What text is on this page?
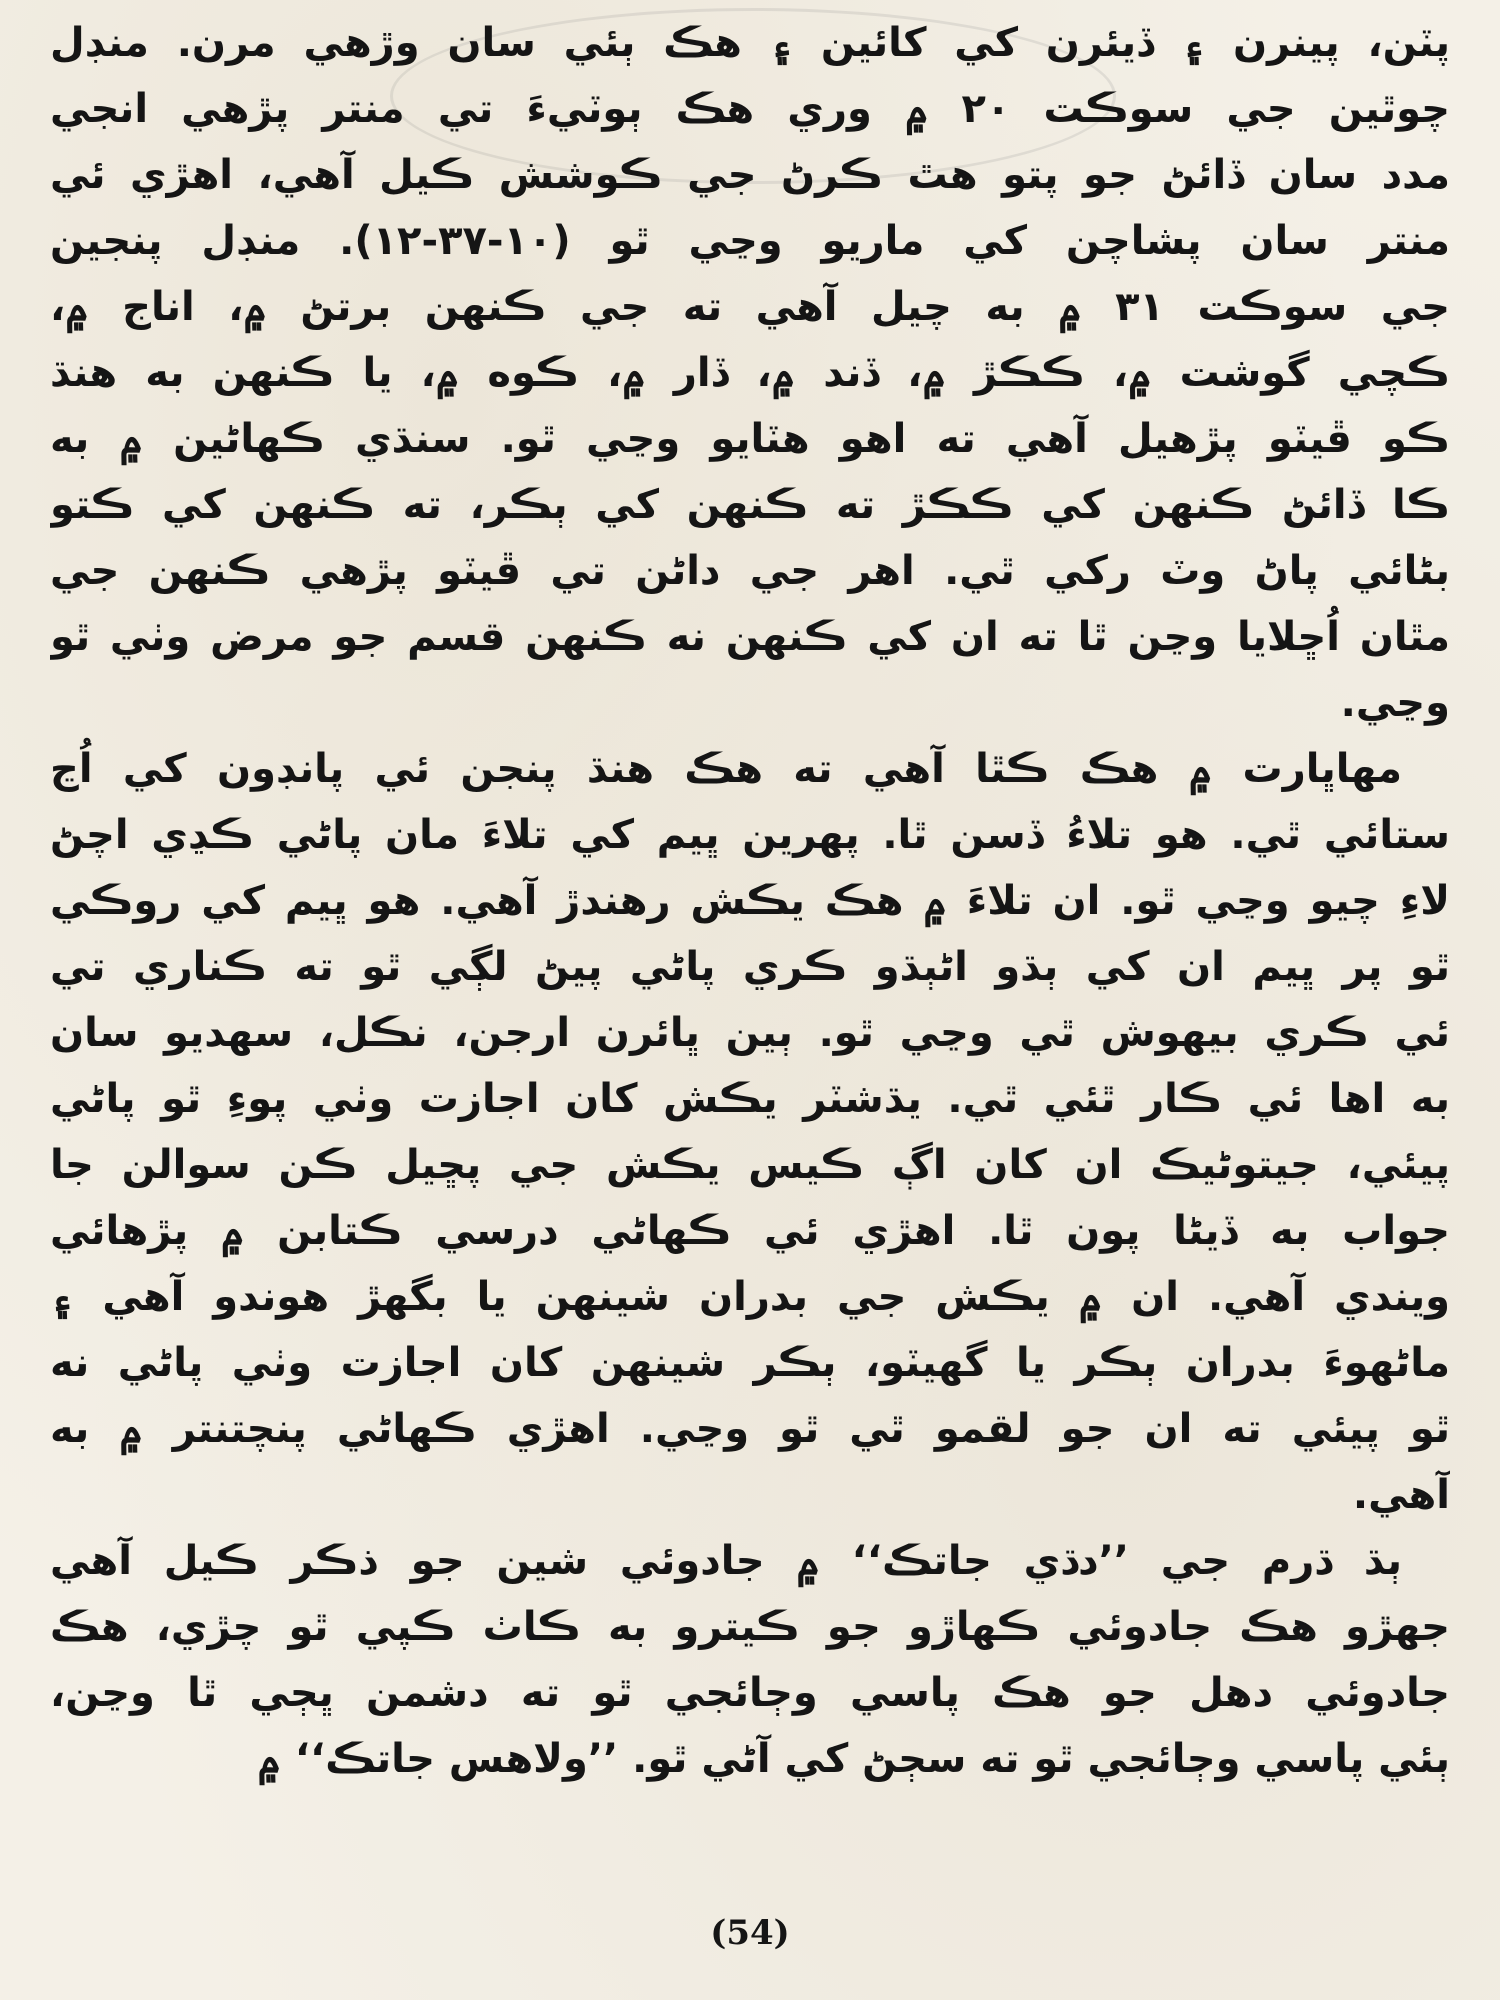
پٽن، پينرن ۽ ڏيئرن کي کائين ۽ هڪ ٻئي سان وڙهي مرن. منڊل
چوٿين جي سوڪت ٢٠ ۾ وري هڪ ٻوٽيءَ تي منتر پڙهي انجي
مدد سان ڏائڻ جو پتو هٿ ڪرڻ جي ڪوشش ڪيل آهي، اهڙي ئي
منتر سان پشاچن کي ماريو وڃي ٿو (١٠-٣٧-١٢). منڊل پنجين
جي سوڪت ٣١ ۾ به چيل آهي ته جي ڪنهن برتڻ ۾، اناج ۾،
ڪچي گوشت ۾، ڪڪڙ ۾، ڏند ۾، ڏار ۾، ڪوه ۾، يا ڪنهن به هنڌ
ڪو ڦيٽو پڙهيل آهي ته اهو هٽايو وڃي ٿو. سنڌي ڪهاڻين ۾ به
ڪا ڏائڻ ڪنهن کي ڪڪڙ ته ڪنهن کي ٻڪر، ته ڪنهن کي ڪتو
بڻائي پاڻ وٽ رکي ٿي. اهر جي داڻن تي ڦيٽو پڙهي ڪنهن جي
مٿان اُڇلايا وڃن ٿا ته ان کي ڪنهن نه ڪنهن قسم جو مرض وٺي ٿو
وڃي.
مهاڀارت ۾ هڪ ڪٿا آهي ته هڪ هنڌ پنجن ئي پانڊون کي اُڃ
ستائي ٿي. هو تلاءُ ڏسن ٿا. پهرين ڀيم کي تلاءَ مان پاڻي ڪڍي اچڻ
لاءِ چيو وڃي ٿو. ان تلاءَ ۾ هڪ يڪش رهندڙ آهي. هو ڀيم کي روڪي
ٿو پر ڀيم ان کي ٻڌو اڻٻڌو ڪري پاڻي پيڻ لڳي ٿو ته ڪناري تي
ئي ڪري بيهوش ٿي وڃي ٿو. ٻين ڀائرن ارجن، نڪل، سهديو سان
به اها ئي ڪار ٿئي ٿي. يڌشٽر يڪش کان اجازت وٺي پوءِ ٿو پاڻي
پيئي، جيتوڻيڪ ان کان اڳ ڪيس يڪش جي پڇيل ڪن سوالن جا
جواب به ڏيڻا پون ٿا. اهڙي ئي ڪهاڻي درسي ڪتابن ۾ پڙهائي
ويندي آهي. ان ۾ يڪش جي بدران شينهن يا بگهڙ هوندو آهي ۽
ماڻهوءَ بدران ٻڪر يا گهيٽو، ٻڪر شينهن کان اجازت وٺي پاڻي نه
ٿو پيئي ته ان جو لقمو ٿي ٿو وڃي. اهڙي ڪهاڻي پنچتنتر ۾ به
آهي.
ٻڌ ڌرم جي ’’دڌي جاتڪ‘‘ ۾ جادوئي شين جو ذڪر ڪيل آهي
جهڙو هڪ جادوئي ڪهاڙو جو ڪيترو به ڪاٺ ڪپي ٿو چڙي، هڪ
جادوئي دهل جو هڪ پاسي وڄائجي ٿو ته دشمن ڀڄي ٿا وڃن،
ٻئي پاسي وڄائجي ٿو ته سڄڻ کي آڻي ٿو. ’’ولاهس جاتڪ‘‘ ۾
(54)
